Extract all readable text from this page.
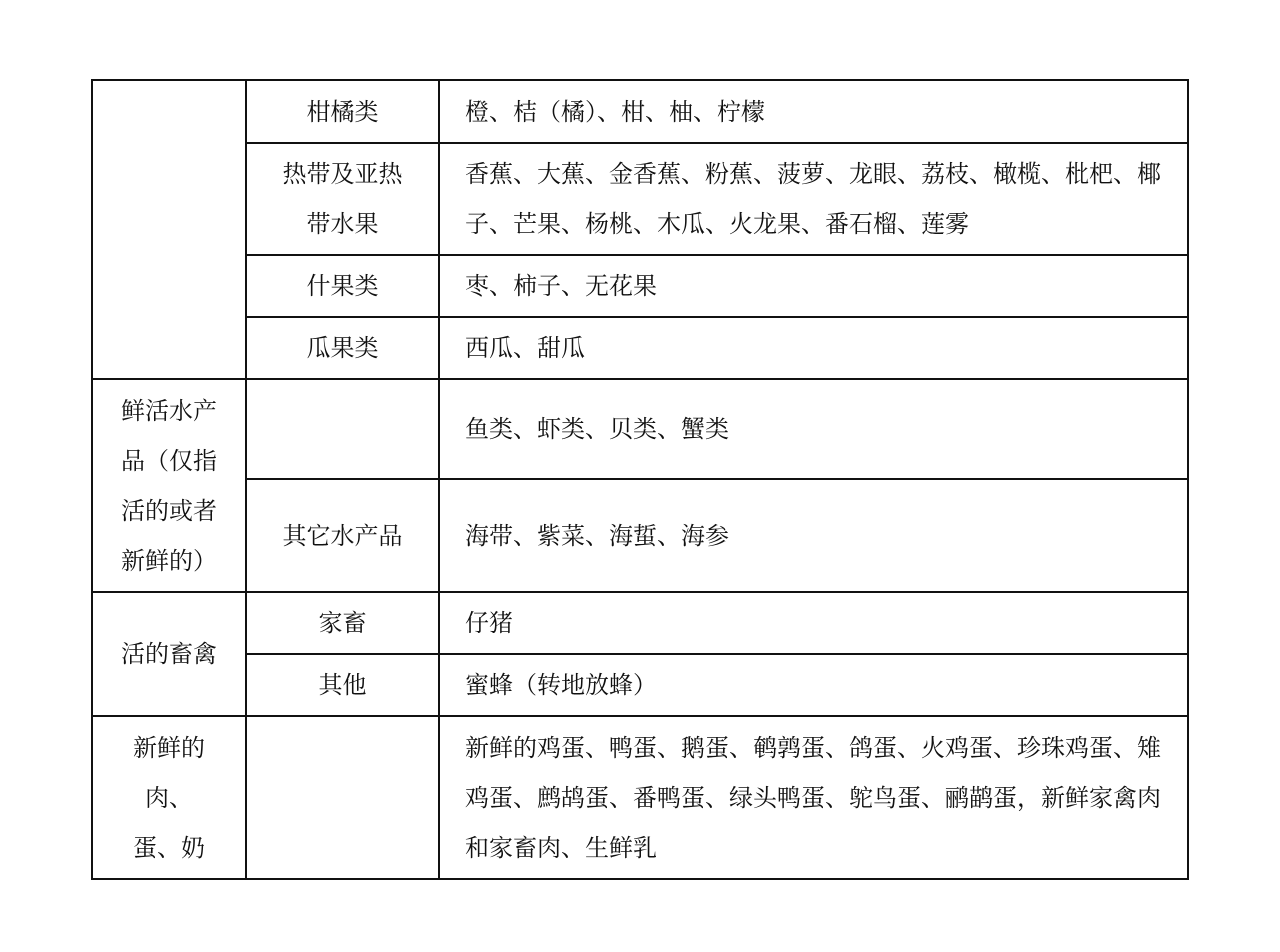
	柑橘类	橙、桔（橘）、柑、柚、柠檬
	热带及亚热带水果	香蕉、大蕉、金香蕉、粉蕉、菠萝、龙眼、荔枝、橄榄、枇杷、椰子、芒果、杨桃、木瓜、火龙果、番石榴、莲雾
	什果类	枣、柿子、无花果
	瓜果类	西瓜、甜瓜
鲜活水产品（仅指活的或者新鲜的）		鱼类、虾类、贝类、蟹类
	其它水产品	海带、紫菜、海蜇、海参
活的畜禽	家畜	仔猪
	其他	蜜蜂（转地放蜂）
新鲜的肉、蛋、奶		新鲜的鸡蛋、鸭蛋、鹅蛋、鹌鹑蛋、鸽蛋、火鸡蛋、珍珠鸡蛋、雉鸡蛋、鹧鸪蛋、番鸭蛋、绿头鸭蛋、鸵鸟蛋、鹂鹋蛋，新鲜家禽肉和家畜肉、生鲜乳
